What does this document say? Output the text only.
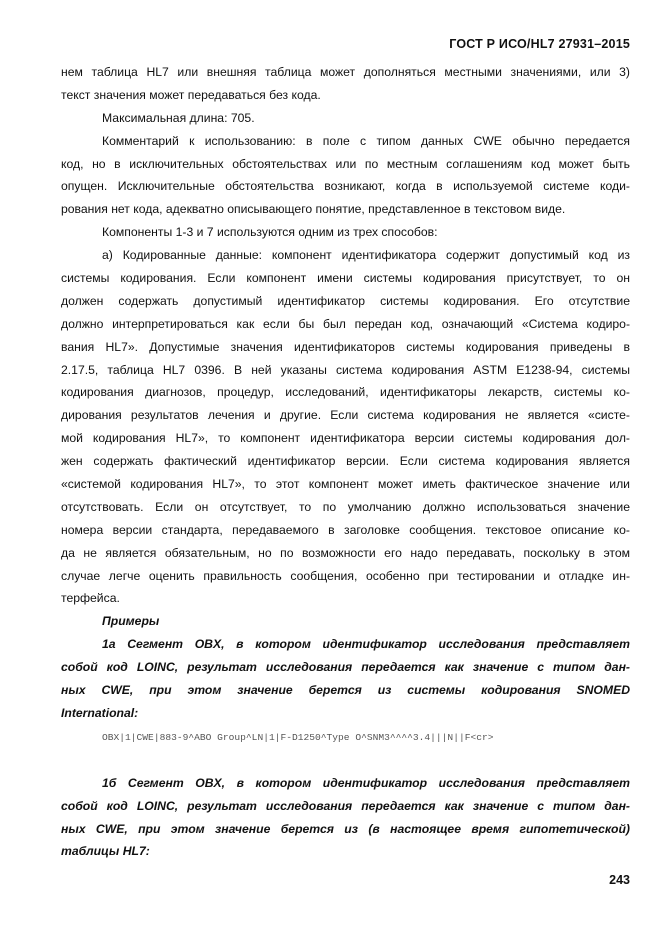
ГОСТ Р ИСО/HL7 27931–2015
нем таблица HL7 или внешняя таблица может дополняться местными значениями, или 3)
текст значения может передаваться без кода.
Максимальная длина: 705.
Комментарий к использованию: в поле с типом данных CWE обычно передается
код, но в исключительных обстоятельствах или по местным соглашениям код может быть
опущен. Исключительные обстоятельства возникают, когда в используемой системе коди-
рования нет кода, адекватно описывающего понятие, представленное в текстовом виде.
Компоненты 1-3 и 7 используются одним из трех способов:
а) Кодированные данные: компонент идентификатора содержит допустимый код из
системы кодирования. Если компонент имени системы кодирования присутствует, то он
должен содержать допустимый идентификатор системы кодирования. Его отсутствие
должно интерпретироваться как если бы был передан код, означающий «Система кодиро-
вания HL7». Допустимые значения идентификаторов системы кодирования приведены в
2.17.5, таблица HL7 0396. В ней указаны система кодирования ASTM E1238-94, системы
кодирования диагнозов, процедур, исследований, идентификаторы лекарств, системы ко-
дирования результатов лечения и другие. Если система кодирования не является «систе-
мой кодирования HL7», то компонент идентификатора версии системы кодирования дол-
жен содержать фактический идентификатор версии. Если система кодирования является
«системой кодирования HL7», то этот компонент может иметь фактическое значение или
отсутствовать. Если он отсутствует, то по умолчанию должно использоваться значение
номера версии стандарта, передаваемого в заголовке сообщения. текстовое описание ко-
да не является обязательным, но по возможности его надо передавать, поскольку в этом
случае легче оценить правильность сообщения, особенно при тестировании и отладке ин-
терфейса.
Примеры
1а Сегмент OBX, в котором идентификатор исследования представляет
собой код LOINC, результат исследования передается как значение с типом дан-
ных CWE, при этом значение берется из системы кодирования SNOMED
International:
OBX|1|CWE|883-9^ABO Group^LN|1|F-D1250^Type O^SNM3^^^^3.4|||N||F<cr>
1б Сегмент OBX, в котором идентификатор исследования представляет
собой код LOINC, результат исследования передается как значение с типом дан-
ных CWE, при этом значение берется из (в настоящее время гипотетической)
таблицы HL7:
243
